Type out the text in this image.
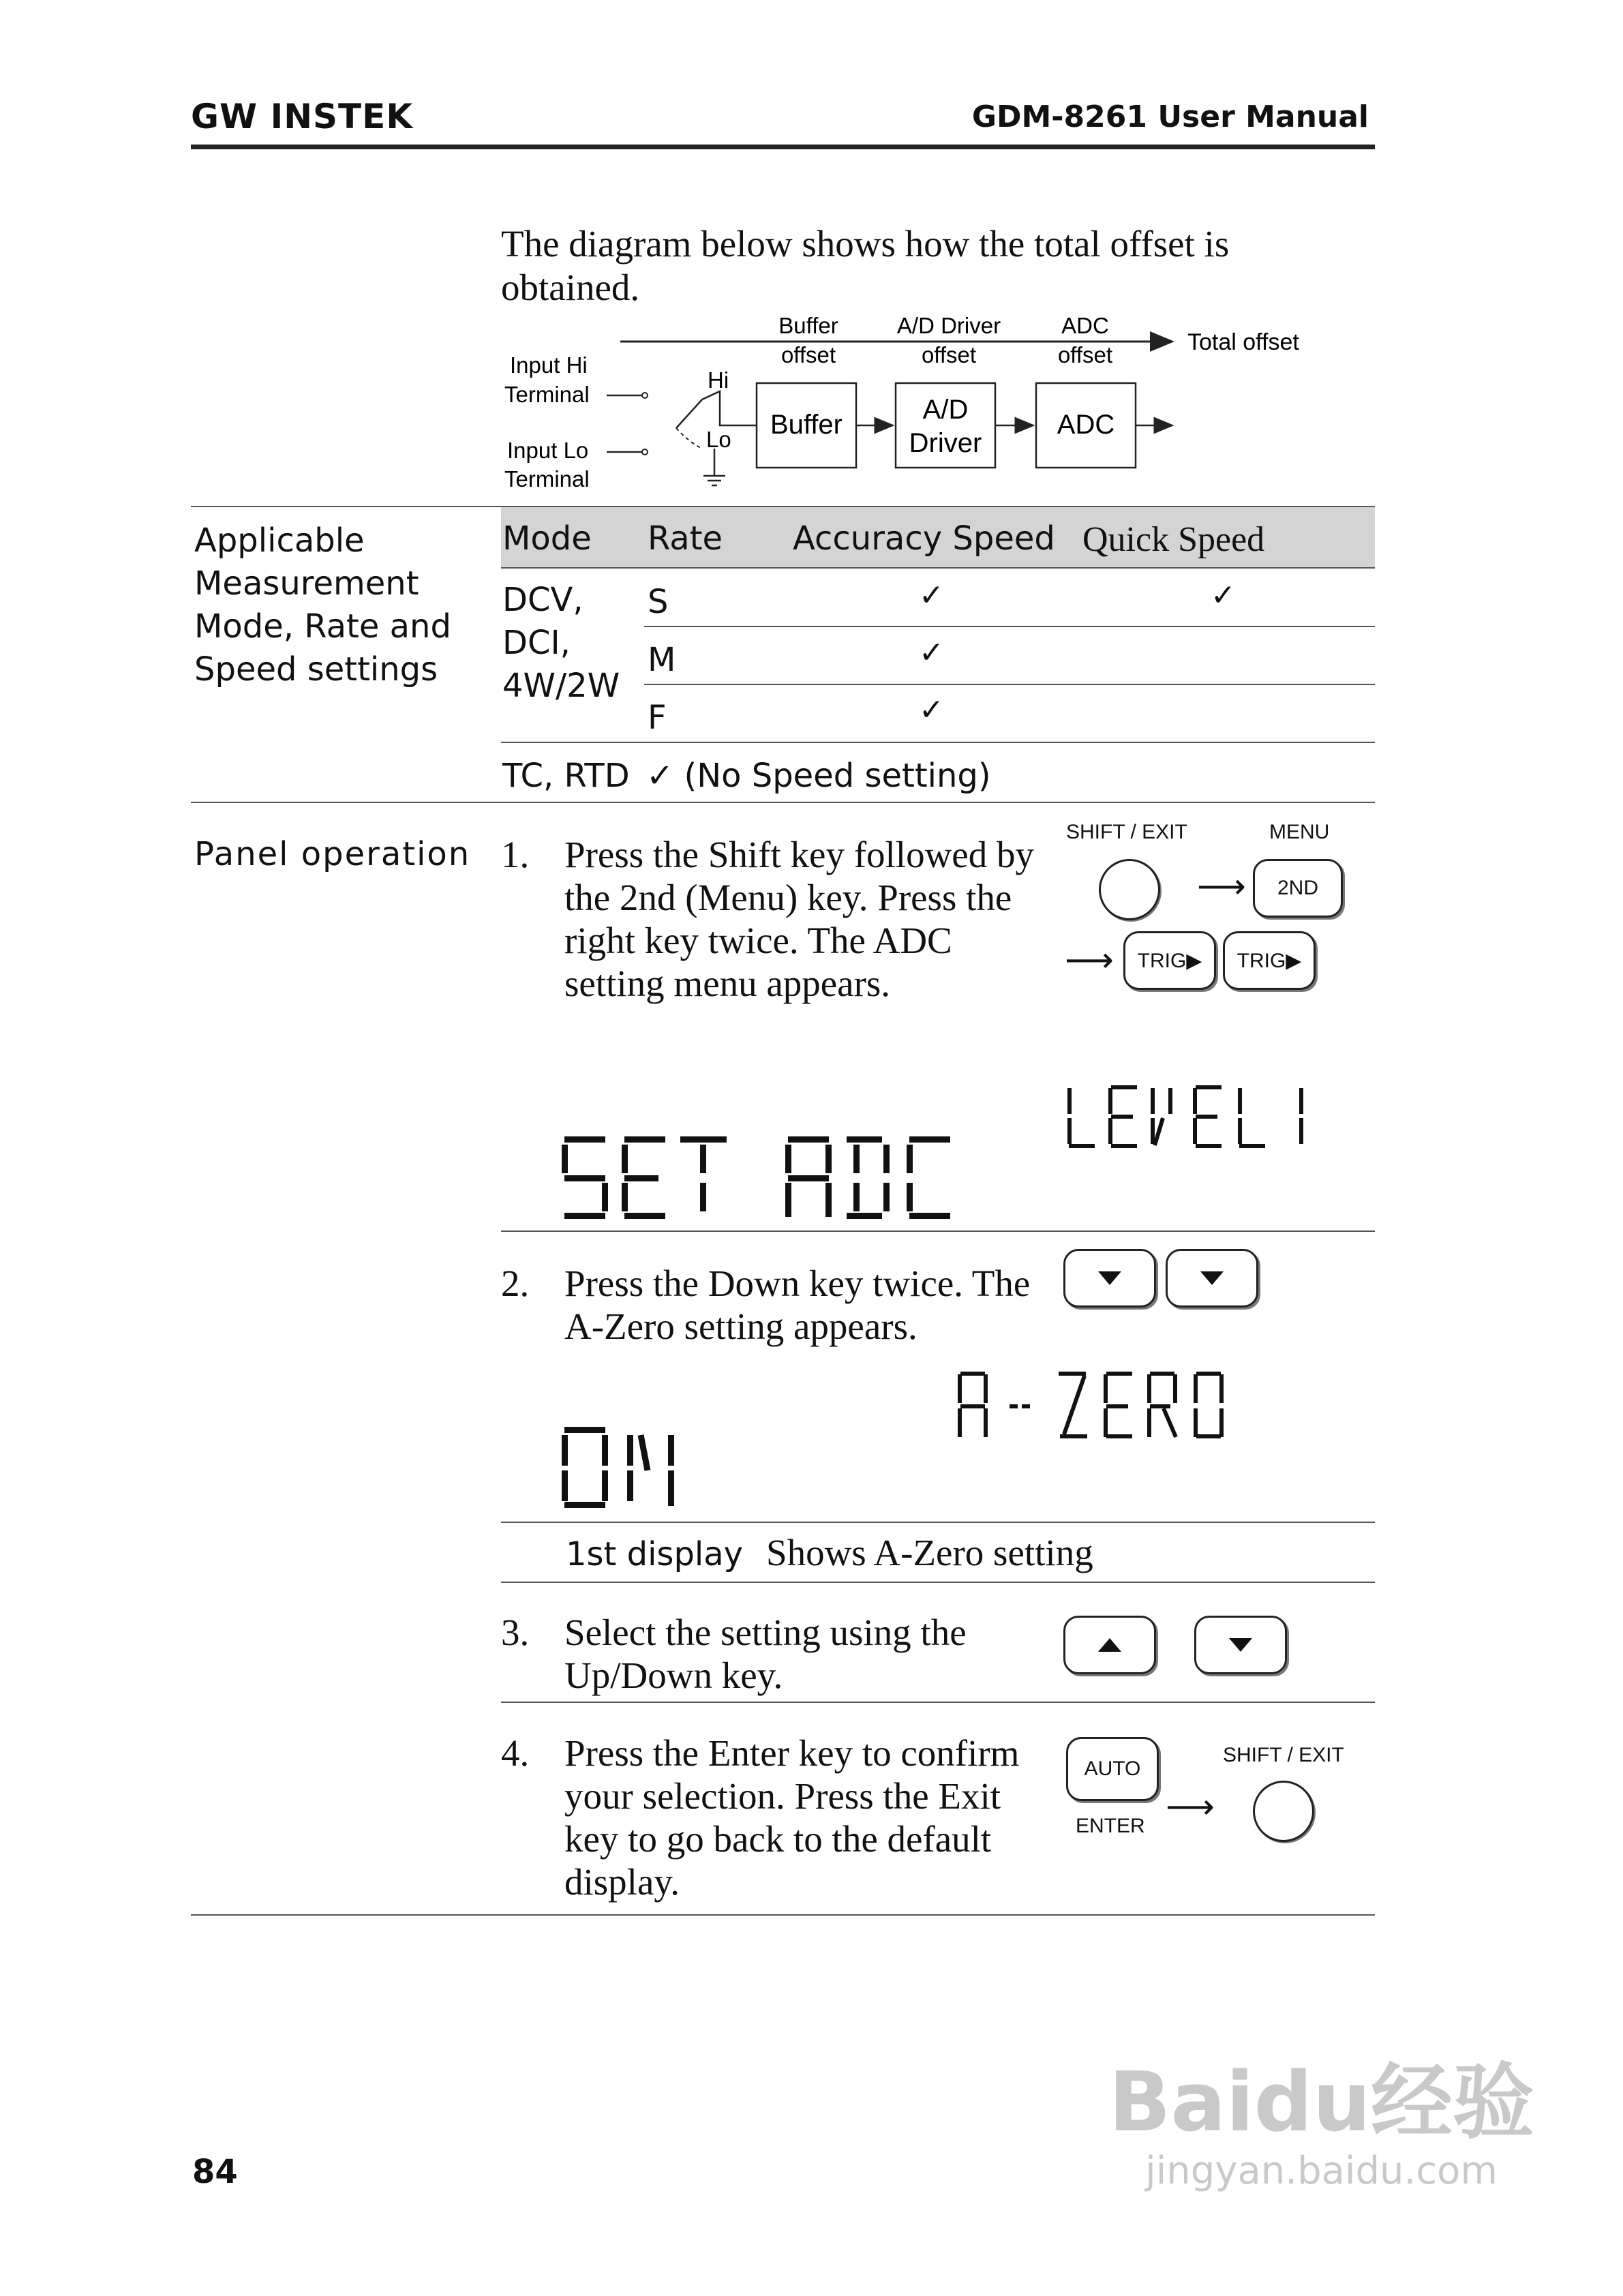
GW INSTEK	GDM-8261 User Manual
The diagram below shows how the total offset is
obtained.
Buffer
offset
A/D Driver
offset
ADC
offset	Total offset
Input Hi
Terminal
Input Lo
Terminal
Hi
Lo Buffer	A/D
Driver
ADC
Applicable
Measurement
Mode, Rate and
Speed settings
Mode Rate Accuracy Speed Quick Speed
DCV,
DCI,
4W/2W
S	✓	✓
M	✓
F	✓
TC, RTD ✓ (No Speed setting)
Panel operation 1. Press the Shift key followed by
the 2nd (Menu) key. Press the
right key twice. The ADC
setting menu appears.
SHIFT / EXIT	MENU
⟶	2ND
⟶	TRIG▶	TRIG▶
2. Press the Down key twice. The
A-Zero setting appears.
1st display Shows A-Zero setting
3. Select the setting using the
Up/Down key.
4. Press the Enter key to confirm
your selection. Press the Exit
key to go back to the default
display.
AUTO
ENTER ⟶
SHIFT / EXIT
84
Baidu经验
jingyan.baidu.com
